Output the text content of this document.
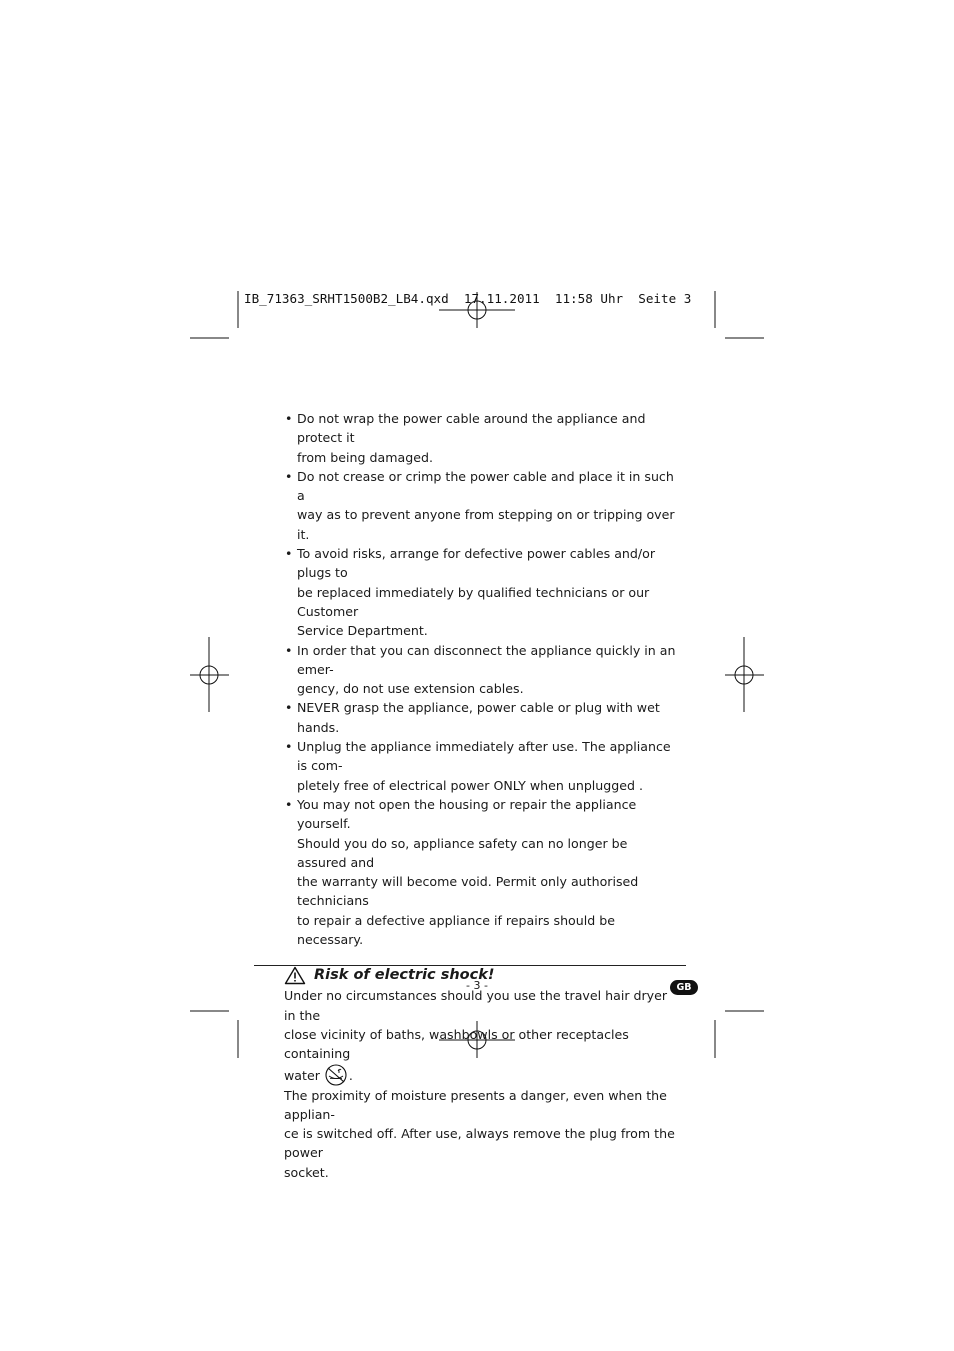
IB_71363_SRHT1500B2_LB4.qxd  17.11.2011  11:58 Uhr  Seite 3
• Do not wrap the power cable around the appliance and protect it
from being damaged.
• Do not crease or crimp the power cable and place it in such a
way as to prevent anyone from stepping on or tripping over it.
• To avoid risks, arrange for defective power cables and/or plugs to
be replaced immediately by qualified technicians or our Customer
Service Department.
• In order that you can disconnect the appliance quickly in an emer-
gency, do not use extension cables.
• NEVER grasp the appliance, power cable or plug with wet hands.
• Unplug the appliance immediately after use. The appliance is com-
pletely free of electrical power ONLY when unplugged .
• You may not open the housing or repair the appliance yourself.
Should you do so, appliance safety can no longer be assured and
the warranty will become void. Permit only authorised technicians
to repair a defective appliance if repairs should be necessary.
Risk of electric shock!

Under no circumstances should you use the travel hair dryer in the
close vicinity of baths, washbowls or other receptacles containing
water .

The proximity of moisture presents a danger, even when the applian-
ce is switched off. After use, always remove the plug from the power
socket.

- 3 -	GB
